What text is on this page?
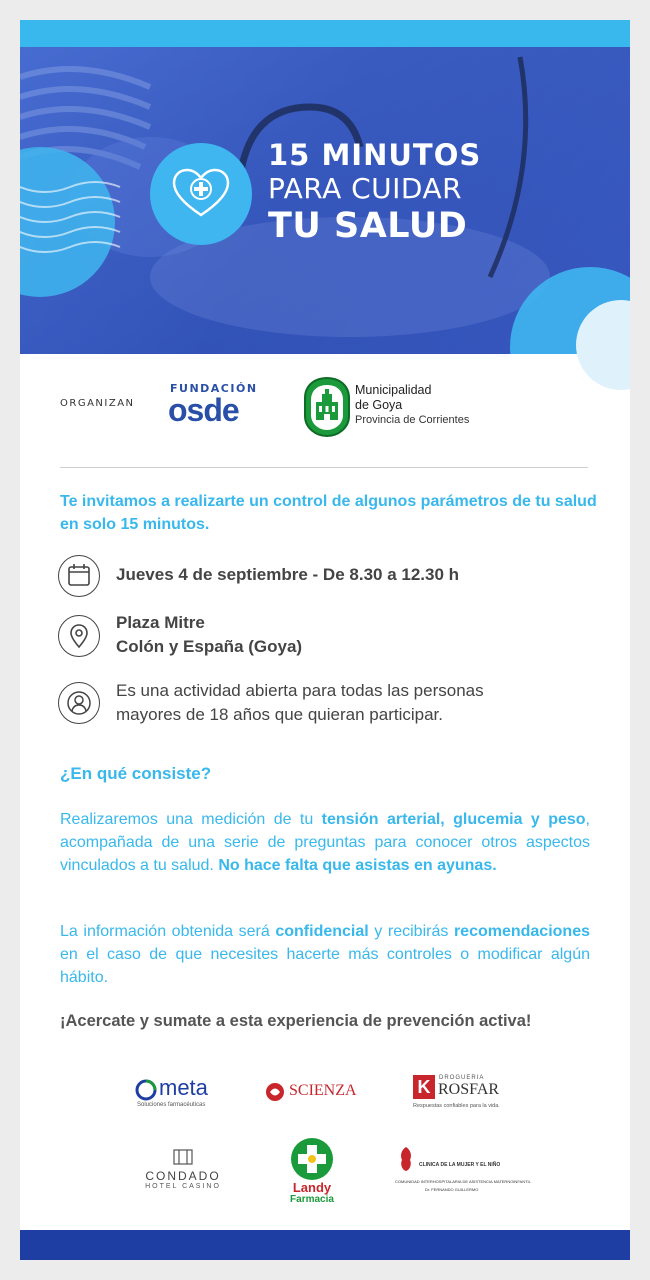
15 MINUTOS
PARA CUIDAR
TU SALUD
ORGANIZAN
FUNDACIÓN
osde
Municipalidad
de Goya
Provincia de Corrientes
Te invitamos a realizarte un control de algunos parámetros de tu salud en solo 15 minutos.
Jueves 4 de septiembre - De 8.30 a 12.30 h
Plaza Mitre
Colón y España (Goya)
Es una actividad abierta para todas las personas
mayores de 18 años que quieran participar.
¿En qué consiste?
Realizaremos una medición de tu tensión arterial, glucemia y peso, acompañada de una serie de preguntas para conocer otros aspectos vinculados a tu salud. No hace falta que asistas en ayunas.
La información obtenida será confidencial y recibirás recomendaciones en el caso de que necesites hacerte más controles o modificar algún hábito.
¡Acercate y sumate a esta experiencia de prevención activa!
meta
Soluciones farmacéuticas
SCIENZA	K	DROGUERIA
ROSFAR
Respuestas confiables para la vida.
CONDADO
HOTEL CASINO	Landy
Farmacia
CLINICA DE LA MUJER Y EL NIÑO
COMUNIDAD INTERHOSPITALARIA DE ASISTENCIA MATERNOINFANTIL
Dr. FERNANDO GUILLERMO
